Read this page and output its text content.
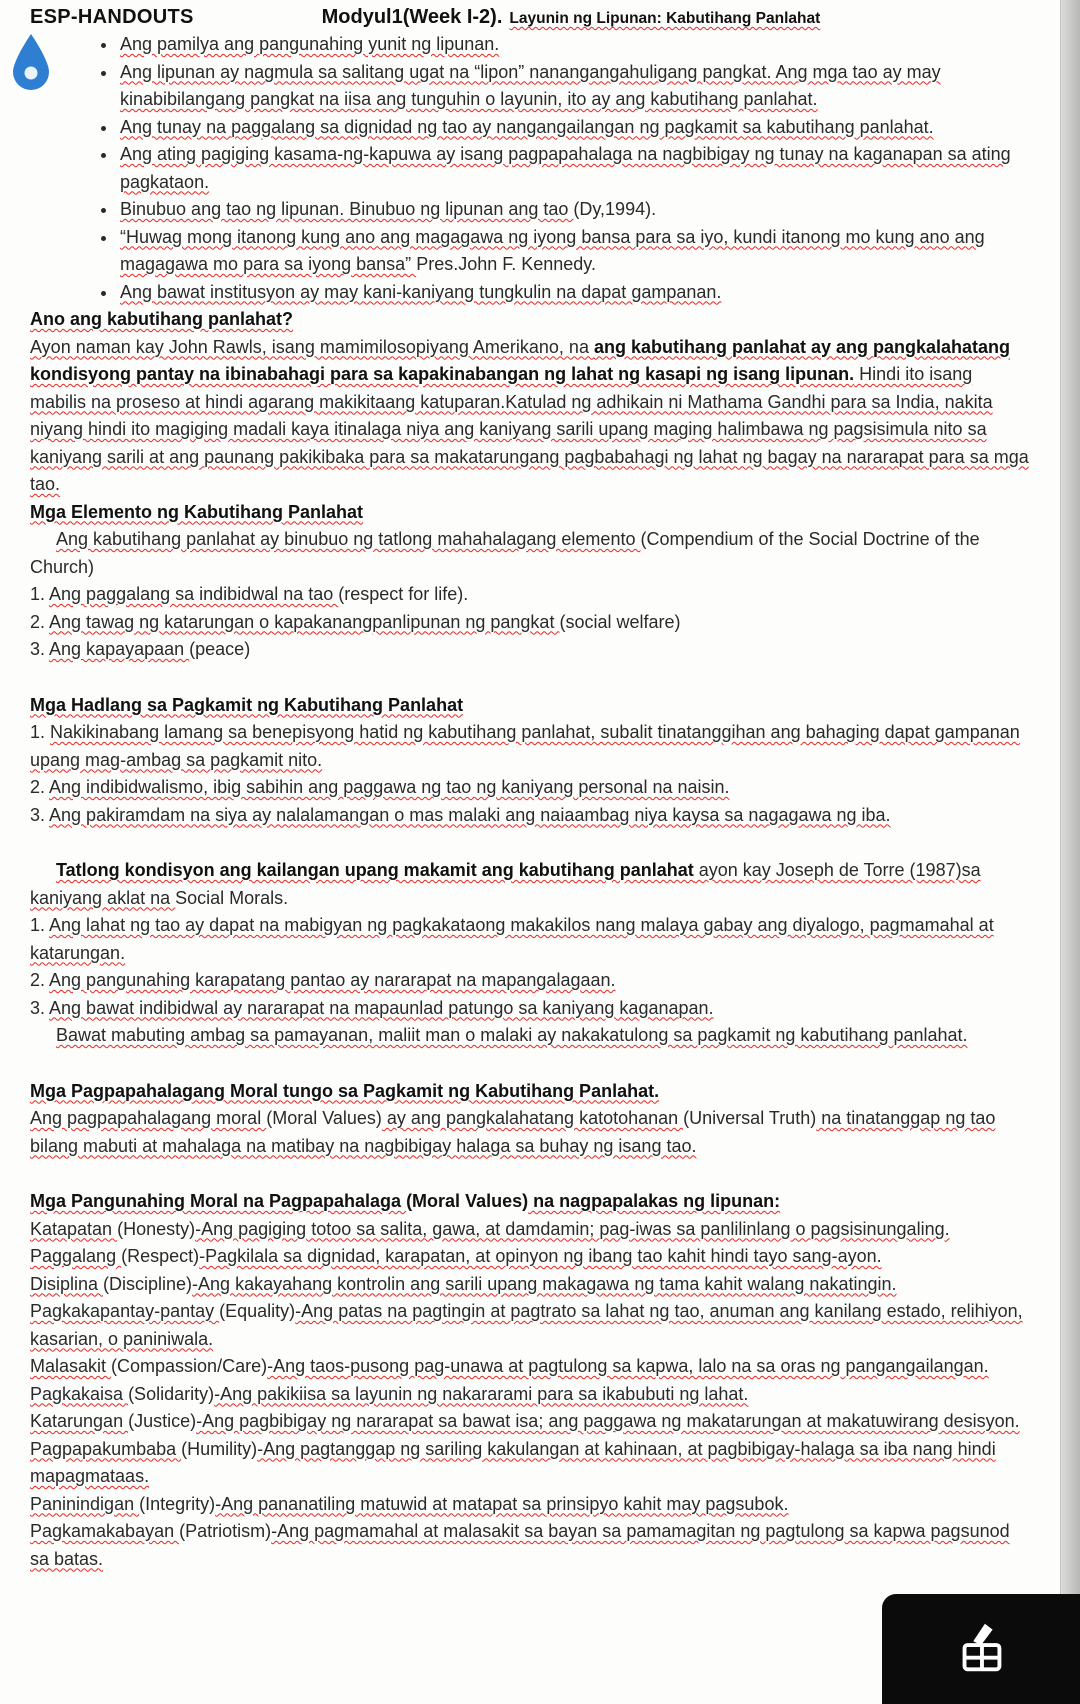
ESP-HANDOUTS	Modyul1(Week I-2). Layunin ng Lipunan: Kabutihang Panlahat
• Ang pamilya ang pangunahing yunit ng lipunan.
• Ang lipunan ay nagmula sa salitang ugat na “lipon” nanangangahuligang pangkat. Ang mga tao ay may kinabibilangang pangkat na iisa ang tunguhin o layunin, ito ay ang kabutihang panlahat.
• Ang tunay na paggalang sa dignidad ng tao ay nangangailangan ng pagkamit sa kabutihang panlahat.
• Ang ating pagiging kasama-ng-kapuwa ay isang pagpapahalaga na nagbibigay ng tunay na kaganapan sa ating pagkataon.
• Binubuo ang tao ng lipunan. Binubuo ng lipunan ang tao (Dy,1994).
• “Huwag mong itanong kung ano ang magagawa ng iyong bansa para sa iyo, kundi itanong mo kung ano ang magagawa mo para sa iyong bansa” Pres.John F. Kennedy.
• Ang bawat institusyon ay may kani-kaniyang tungkulin na dapat gampanan.

Ano ang kabutihang panlahat?

Ayon naman kay John Rawls, isang mamimilosopiyang Amerikano, na ang kabutihang panlahat ay ang pangkalahatang kondisyong pantay na ibinabahagi para sa kapakinabangan ng lahat ng kasapi ng isang lipunan. Hindi ito isang mabilis na proseso at hindi agarang makikitaang katuparan.Katulad ng adhikain ni Mathama Gandhi para sa India, nakita niyang hindi ito magiging madali kaya itinalaga niya ang kaniyang sarili upang maging halimbawa ng pagsisimula nito sa kaniyang sarili at ang paunang pakikibaka para sa makatarungang pagbabahagi ng lahat ng bagay na nararapat para sa mga tao.

Mga Elemento ng Kabutihang Panlahat

Ang kabutihang panlahat ay binubuo ng tatlong mahahalagang elemento (Compendium of the Social Doctrine of the Church)

1. Ang paggalang sa indibidwal na tao (respect for life).

2. Ang tawag ng katarungan o kapakanangpanlipunan ng pangkat (social welfare)

3. Ang kapayapaan (peace)

Mga Hadlang sa Pagkamit ng Kabutihang Panlahat

1. Nakikinabang lamang sa benepisyong hatid ng kabutihang panlahat, subalit tinatanggihan ang bahaging dapat gampanan upang mag-ambag sa pagkamit nito.

2. Ang indibidwalismo, ibig sabihin ang paggawa ng tao ng kaniyang personal na naisin.

3. Ang pakiramdam na siya ay nalalamangan o mas malaki ang naiaambag niya kaysa sa nagagawa ng iba.

Tatlong kondisyon ang kailangan upang makamit ang kabutihang panlahat ayon kay Joseph de Torre (1987)sa kaniyang aklat na Social Morals.

1. Ang lahat ng tao ay dapat na mabigyan ng pagkakataong makakilos nang malaya gabay ang diyalogo, pagmamahal at katarungan.

2. Ang pangunahing karapatang pantao ay nararapat na mapangalagaan.

3. Ang bawat indibidwal ay nararapat na mapaunlad patungo sa kaniyang kaganapan.

Bawat mabuting ambag sa pamayanan, maliit man o malaki ay nakakatulong sa pagkamit ng kabutihang panlahat.

Mga Pagpapahalagang Moral tungo sa Pagkamit ng Kabutihang Panlahat.

Ang pagpapahalagang moral (Moral Values) ay ang pangkalahatang katotohanan (Universal Truth) na tinatanggap ng tao bilang mabuti at mahalaga na matibay na nagbibigay halaga sa buhay ng isang tao.

Mga Pangunahing Moral na Pagpapahalaga (Moral Values) na nagpapalakas ng lipunan:

Katapatan (Honesty)-Ang pagiging totoo sa salita, gawa, at damdamin; pag-iwas sa panlilinlang o pagsisinungaling.

Paggalang (Respect)-Pagkilala sa dignidad, karapatan, at opinyon ng ibang tao kahit hindi tayo sang-ayon.

Disiplina (Discipline)-Ang kakayahang kontrolin ang sarili upang makagawa ng tama kahit walang nakatingin.

Pagkakapantay-pantay (Equality)-Ang patas na pagtingin at pagtrato sa lahat ng tao, anuman ang kanilang estado, relihiyon, kasarian, o paniniwala.

Malasakit (Compassion/Care)-Ang taos-pusong pag-unawa at pagtulong sa kapwa, lalo na sa oras ng pangangailangan.

Pagkakaisa (Solidarity)-Ang pakikiisa sa layunin ng nakararami para sa ikabubuti ng lahat.

Katarungan (Justice)-Ang pagbibigay ng nararapat sa bawat isa; ang paggawa ng makatarungan at makatuwirang desisyon.

Pagpapakumbaba (Humility)-Ang pagtanggap ng sariling kakulangan at kahinaan, at pagbibigay-halaga sa iba nang hindi mapagmataas.

Paninindigan (Integrity)-Ang pananatiling matuwid at matapat sa prinsipyo kahit may pagsubok.

Pagkamakabayan (Patriotism)-Ang pagmamahal at malasakit sa bayan sa pamamagitan ng pagtulong sa kapwa pagsunod sa batas.
